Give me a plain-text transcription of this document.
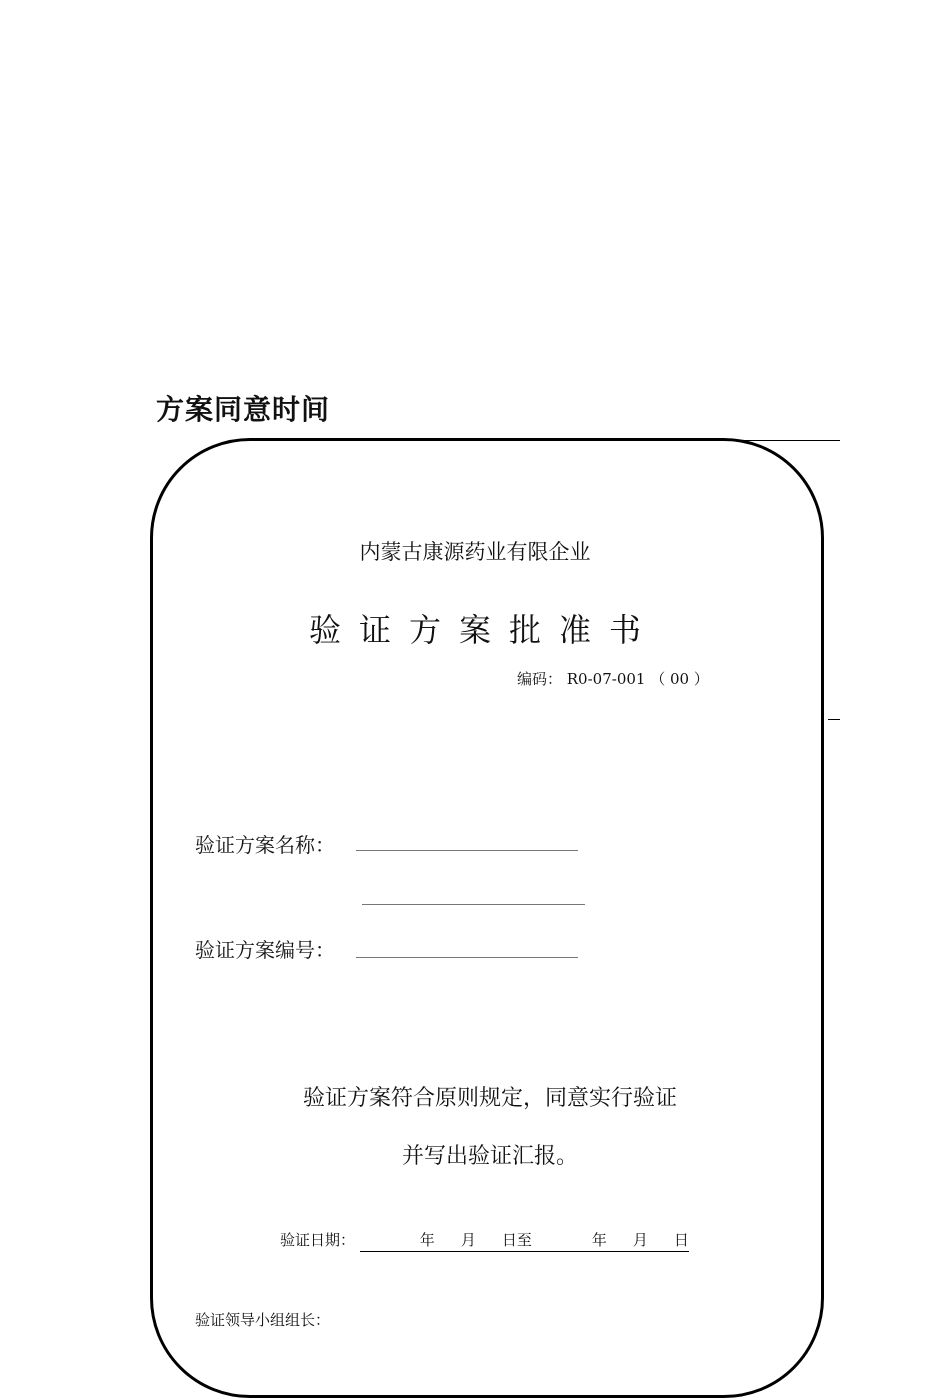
方案同意时间
内蒙古康源药业有限企业
验 证 方 案 批 准 书
编码： R0-07-001 （ 00 ）
验证方案名称：
验证方案编号：
验证方案符合原则规定，同意实行验证
并写出验证汇报。
验证日期：	年 月 日至	年 月 日
验证领导小组组长：
